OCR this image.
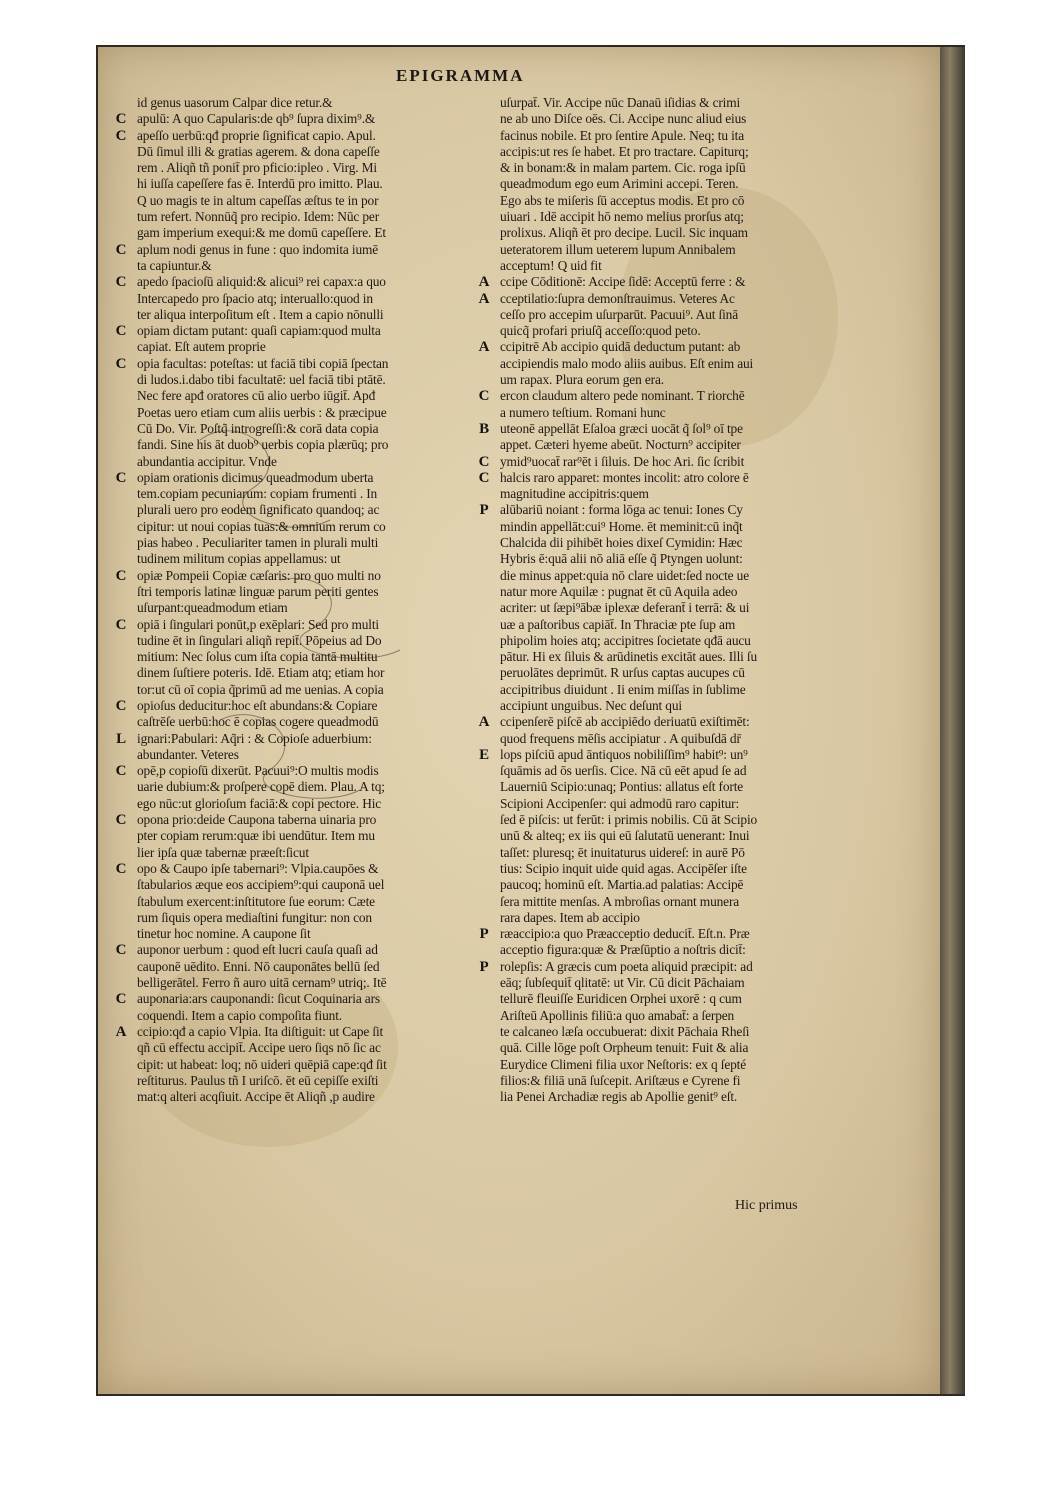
EPIGRAMMA
id genus uasorum Calpar dice retur.&
C apulū: A quo Capularis:de qb⁹ ſupra dixim⁹.&
C apeſſo uerbū:qđ proprie ſignificat capio. Apul.
Dū ſimul illi & gratias agerem. & dona capeſſe
rem . Aliqñ tñ ponit̄ pro pficio:ipleo . Virg. Mi
hi iuſſa capeſſere fas ē. Interdū pro imitto. Plau.
Q uo magis te in altum capeſſas æſtus te in por
tum refert. Nonnūq̃ pro recipio. Idem: Nūc per
gam imperium exequi:& me domū capeſſere. Et
C aplum nodi genus in fune : quo indomita iumē
ta capiuntur.&
C apedo ſpacioſū aliquid:& alicui⁹ rei capax:a quo
Intercapedo pro ſpacio atq; interuallo:quod in
ter aliqua interpoſitum eſt . Item a capio nōnulli
C opiam dictam putant: quaſi capiam:quod multa
capiat. Eſt autem proprie
C opia facultas: poteſtas: ut faciā tibi copiā ſpectan
di ludos.i.dabo tibi facultatē: uel faciā tibi ptātē.
Nec fere apđ oratores cū alio uerbo iūgit̄. Apđ
Poetas uero etiam cum aliis uerbis : & præcipue
Cū Do. Vir. Poſtq̃ introgreſſi:& corā data copia
fandi. Sine his āt duob⁹ uerbis copia plærūq; pro
abundantia accipitur. Vnde
C opiam orationis dicimus queadmodum uberta
tem.copiam pecuniarum: copiam frumenti . In
plurali uero pro eodem ſignificato quandoq; ac
cipitur: ut noui copias tuas:& omnium rerum co
pias habeo . Peculiariter tamen in plurali multi
tudinem militum copias appellamus: ut
C opiæ Pompeii Copiæ cæſaris: pro quo multi no
ſtri temporis latinæ linguæ parum periti gentes
uſurpant:queadmodum etiam
C opiā i ſingulari ponūt,p exēplari: Sed pro multi
tudine ēt in ſingulari aliqñ repit̄. Pōpeius ad Do
mitium: Nec ſolus cum iſta copia tantā multitu
dinem ſuſtiere poteris. Idē. Etiam atq; etiam hor
tor:ut cū oī copia q̃primū ad me uenias. A copia
C opioſus deducitur:hoc eſt abundans:& Copiare
caſtrēſe uerbū:hoc ē copias cogere queadmodū
L ignari:Pabulari: Aq̃ri : & Copioſe aduerbium:
abundanter. Veteres
C opē,p copioſū dixerūt. Pacuui⁹:O multis modis
uarie dubium:& proſpere copē diem. Plau. A tq;
ego nūc:ut glorioſum faciā:& copi pectore. Hic
C opona prio:deide Caupona taberna uinaria pro
pter copiam rerum:quæ ibi uendūtur. Item mu
lier ipſa quæ tabernæ præeſt:ſicut
C opo & Caupo ipſe tabernari⁹: Vlpia.caupōes &
ſtabularios æque eos accipiem⁹:qui cauponā uel
ſtabulum exercent:inſtitutore ſue eorum: Cæte
rum ſiquis opera mediaſtini fungitur: non con
tinetur hoc nomine. A caupone ſit
C auponor uerbum : quod eſt lucri cauſa quaſi ad
cauponē uēdito. Enni. Nō cauponātes bellū ſed
belligerātel. Ferro ñ auro uitā cernam⁹ utriq;. Itē
C auponaria:ars cauponandi: ſicut Coquinaria ars
coquendi. Item a capio compoſita fiunt.
A ccipio:qđ a capio Vlpia. Ita diſtiguit: ut Cape ſit
qñ cū effectu accipit̄. Accipe uero ſiqs nō ſic ac
cipit: ut habeat: loq; nō uideri quēpiā cape:qđ ſit
reſtiturus. Paulus tñ I uriſcō. ēt eū cepiſſe exiſti
mat:q alteri acqſiuit. Accipe ēt Aliqñ ,p audire
uſurpat̄. Vir. Accipe nūc Danaū iſidias & crimi
ne ab uno Diſce oēs. Ci. Accipe nunc aliud eius
facinus nobile. Et pro ſentire Apule. Neq; tu ita
accipis:ut res ſe habet. Et pro tractare. Capiturq;
& in bonam:& in malam partem. Cic. roga ipſū
queadmodum ego eum Arimini accepi. Teren.
Ego abs te miſeris ſū acceptus modis. Et pro cō
uiuari . Idē accipit hō nemo melius prorſus atq;
prolixus. Aliqñ ēt pro decipe. Lucil. Sic inquam
ueteratorem illum ueterem lupum Annibalem
acceptum! Q uid fit
A ccipe Cōditionē: Accipe ſidē: Acceptū ferre : &
A cceptilatio:ſupra demonſtrauimus. Veteres Ac
ceſſo pro accepim uſurparūt. Pacuui⁹. Aut ſinā
quicq̃ profari priuſq̃ acceſſo:quod peto.
A ccipitrē Ab accipio quidā deductum putant: ab
accipiendis malo modo aliis auibus. Eſt enim aui
um rapax. Plura eorum gen era.
C ercon claudum altero pede nominant. T riorchē
a numero teſtium. Romani hunc
B uteonē appellāt Eſaloa græci uocāt q̃ ſol⁹ oī tpe
appet. Cæteri hyeme abeūt. Nocturn⁹ accipiter
C ymid⁹uocat̄ rar⁹ēt i ſiluis. De hoc Ari. ſic ſcribit
C halcis raro apparet: montes incolit: atro colore ē
magnitudine accipitris:quem
P alūbariū noiant : forma lōga ac tenui: Iones Cy
mindin appellāt:cui⁹ Home. ēt meminit:cū inq̃t
Chalcida dii pihibēt hoies dixeſ Cymidin: Hæc
Hybris ē:quā alii nō aliā eſſe q̃ Ptyngen uolunt:
die minus appet:quia nō clare uidet:ſed nocte ue
natur more Aquilæ : pugnat ēt cū Aquila adeo
acriter: ut ſæpi⁹ābæ iplexæ deferant̄ i terrā: & ui
uæ a paſtoribus capiāt̄. In Thraciæ pte ſup am
phipolim hoies atq; accipitres ſocietate qđā aucu
pātur. Hi ex ſiluis & arūdinetis excitāt aues. Illi ſu
peruolātes deprimūt. R urſus captas aucupes cū
accipitribus diuidunt . Ii enim miſſas in ſublime
accipiunt unguibus. Nec deſunt qui
A ccipenſerē piſcē ab accipiēdo deriuatū exiſtimēt:
quod frequens mēſis accipiatur . A quibuſdā dr̄
E lops piſciū apud āntiquos nobiliſſim⁹ habit⁹: un⁹
ſquāmis ad ōs uerſis. Cice. Nā cū eēt apud ſe ad
Lauerniū Scipio:unaq; Pontius: allatus eſt forte
Scipioni Accipenſer: qui admodū raro capitur:
ſed ē piſcis: ut ferūt: i primis nobilis. Cū āt Scipio
unū & alteq; ex iis qui eū ſalutatū uenerant: Inui
taſſet: pluresq; ēt inuitaturus uidereſ: in aurē Pō
tius: Scipio inquit uide quid agas. Accipēſer iſte
paucoq; hominū eſt. Martia.ad palatias: Accipē
ſera mittite menſas. A mbroſias ornant munera
rara dapes. Item ab accipio
P ræaccipio:a quo Præacceptio deducit̄. Eſt.n. Præ
acceptio figura:quæ & Præſūptio a noſtris dicit̄:
P rolepſis: A græcis cum poeta aliquid præcipit: ad
eāq; ſubſequit̄ qlitatē: ut Vir. Cū dicit Pāchaiam
tellurē fleuiſſe Euridicen Orphei uxorē : q cum
Ariſteū Apollinis filiū:a quo amabat̄: a ſerpen
te calcaneo læſa occubuerat: dixit Pāchaia Rheſi
quā. Cille lōge poſt Orpheum tenuit: Fuit & alia
Eurydice Climeni filia uxor Neſtoris: ex q ſepté
filios:& filiā unā ſuſcepit. Ariſtæus e Cyrene fi
lia Penei Archadiæ regis ab Apollie genit⁹ eſt.
Hic primus
